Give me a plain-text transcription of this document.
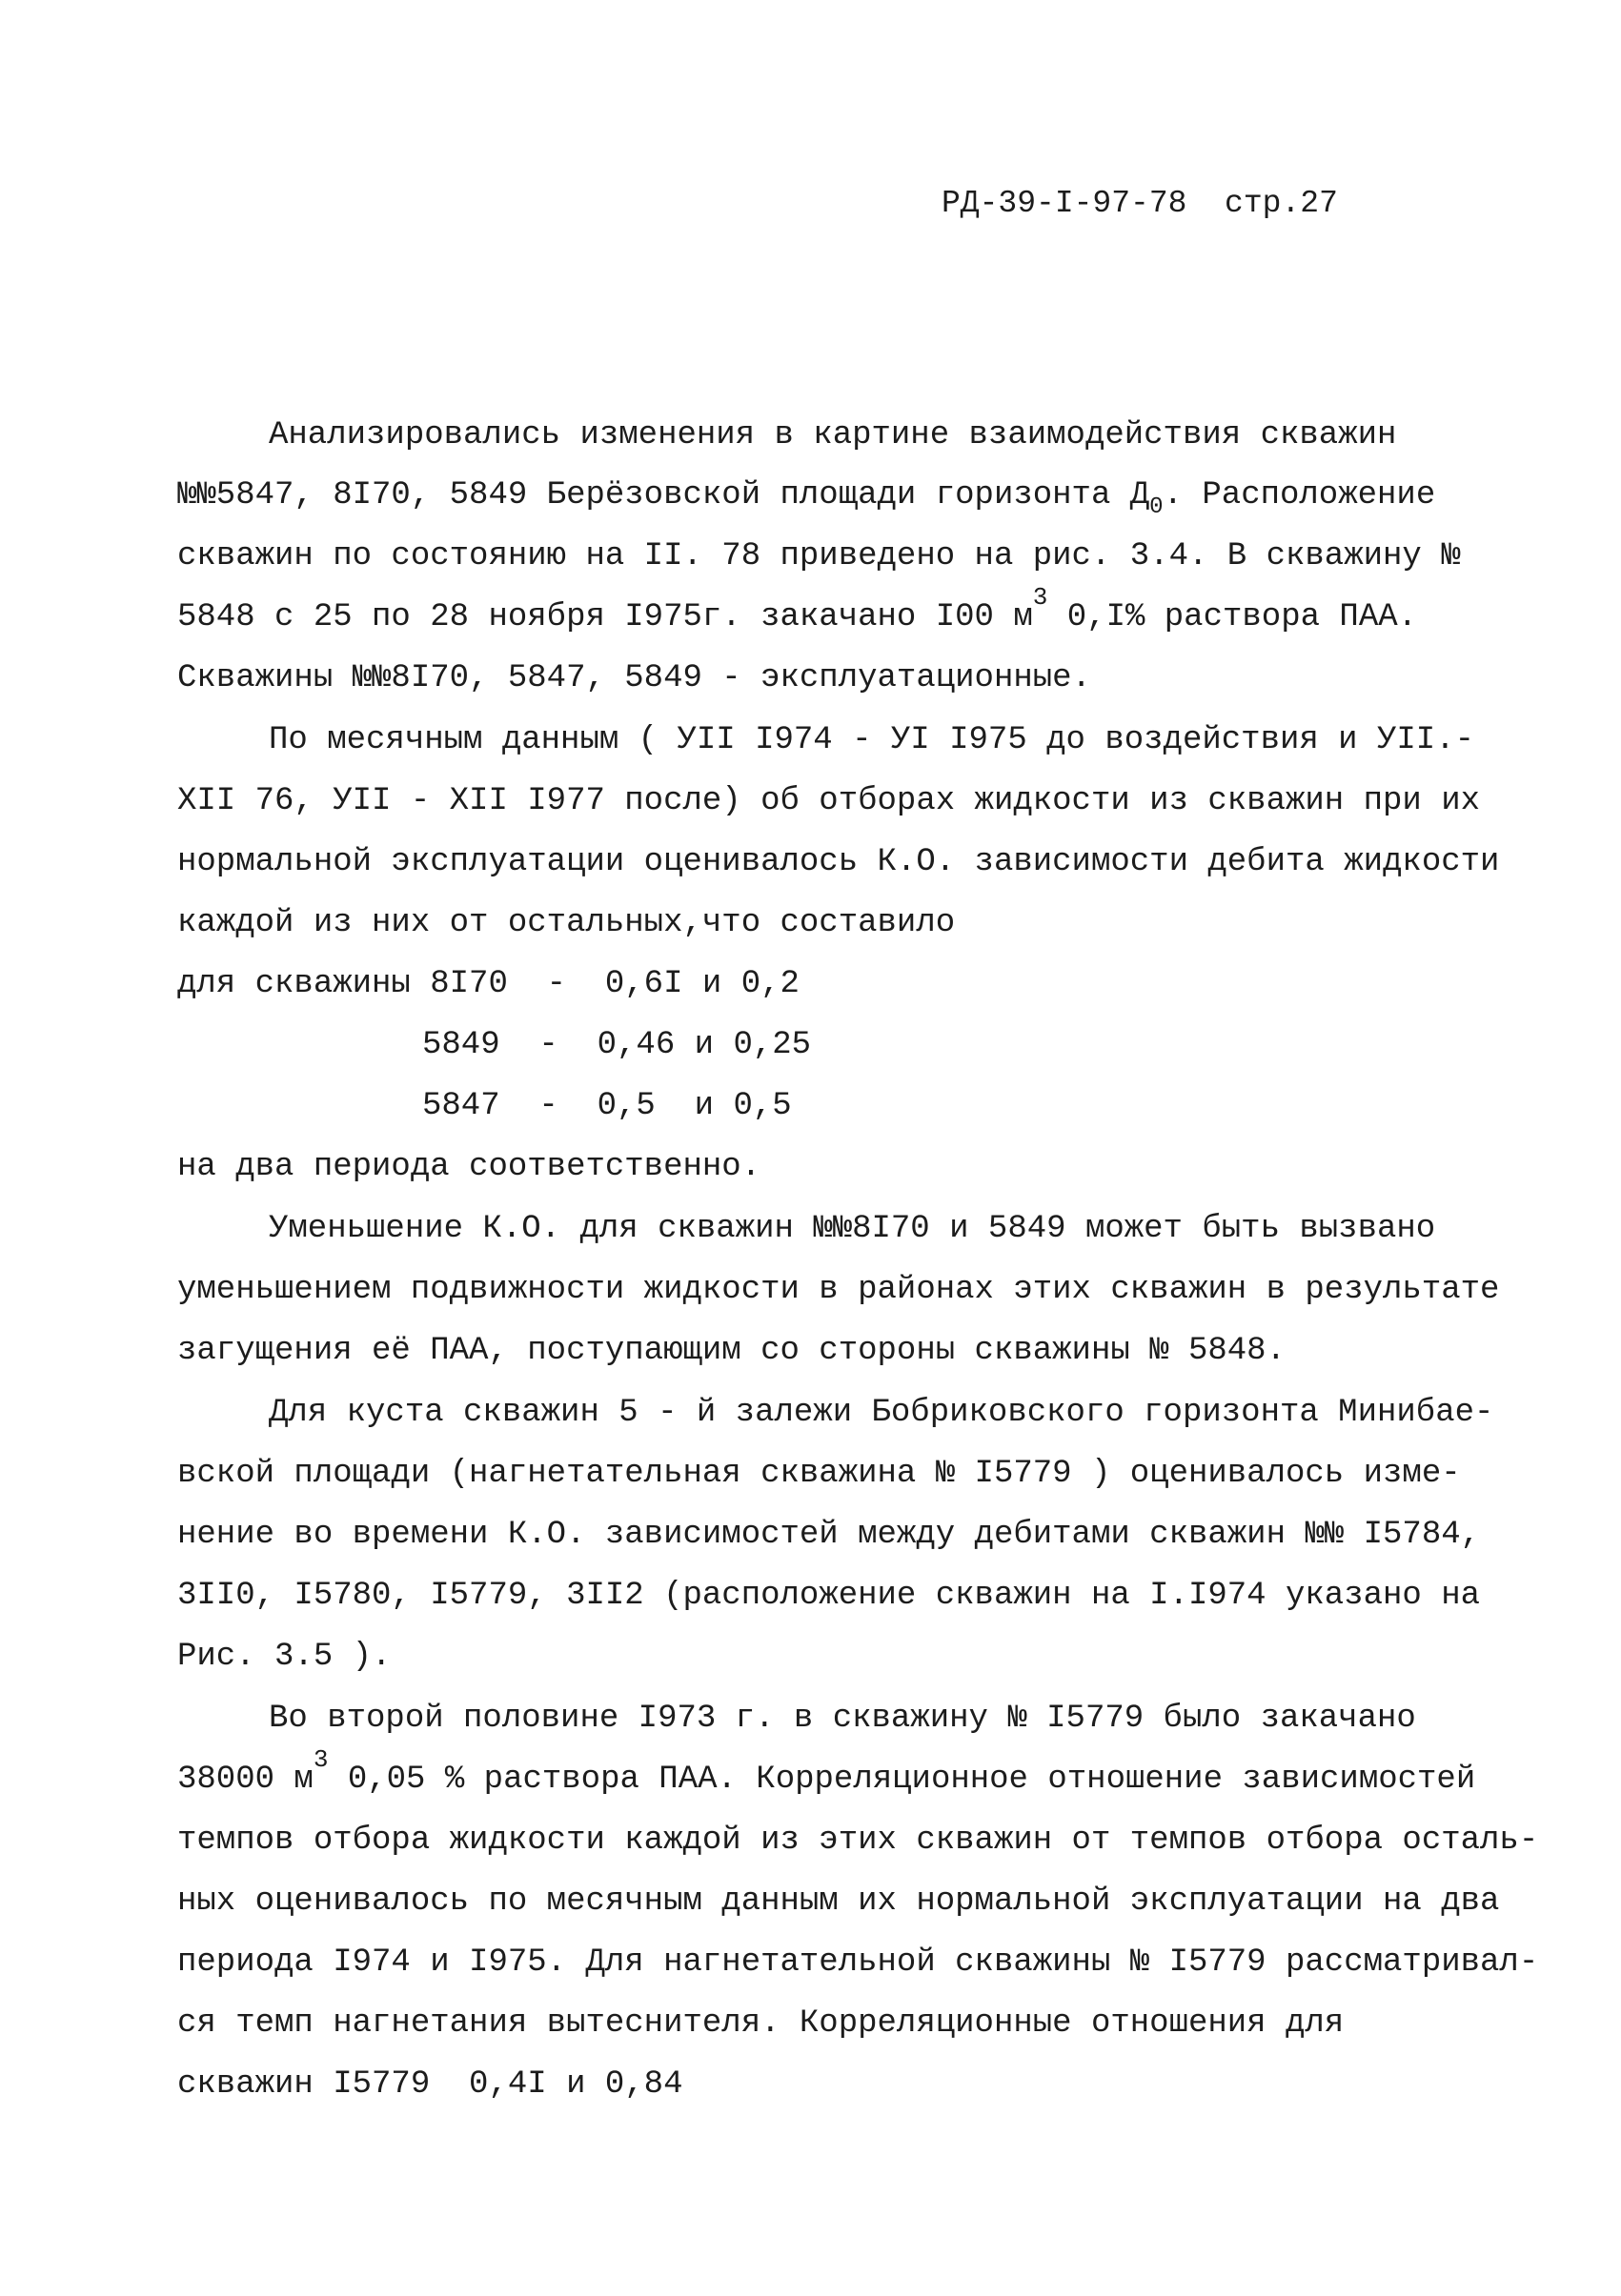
РД-39-I-97-78  стр.27
Анализировались изменения в картине взаимодействия скважин
№№5847, 8I70, 5849 Берёзовской площади горизонта $Д_0$. Расположение
скважин по состоянию на II. 78 приведено на рис. 3.4. В скважину №
5848 с 25 по 28 ноября I975г. закачано I00 $м^3$ 0,I% раствора ПАА.
Скважины №№8I70, 5847, 5849 - эксплуатационные.
По месячным данным ( УII I974 - УI I975 до воздействия и УII.-
XII 76, УII - XII I977 после) об отборах жидкости из скважин при их
нормальной эксплуатации оценивалось К.О. зависимости дебита жидкости
каждой из них от остальных,что составило
для скважины 8I70  -  0,6I и 0,2
5849  -  0,46 и 0,25
5847  -  0,5  и 0,5
на два периода соответственно.
Уменьшение К.О. для скважин №№8I70 и 5849 может быть вызвано
уменьшением подвижности жидкости в районах этих скважин в результате
загущения её ПАА, поступающим со стороны скважины № 5848.
Для куста скважин 5 - й залежи Бобриковского горизонта Минибае-
вской площади (нагнетательная скважина № I5779 ) оценивалось изме-
нение во времени К.О. зависимостей между дебитами скважин №№ I5784,
3II0, I5780, I5779, 3II2 (расположение скважин на I.I974 указано на
Рис. 3.5 ).
Во второй половине I973 г. в скважину № I5779 было закачано
38000 $м^3$ 0,05 % раствора ПАА. Корреляционное отношение зависимостей
темпов отбора жидкости каждой из этих скважин от темпов отбора осталь-
ных оценивалось по месячным данным их нормальной эксплуатации на два
периода I974 и I975. Для нагнетательной скважины № I5779 рассматривал-
ся темп нагнетания вытеснителя. Корреляционные отношения для
скважин I5779  0,4I и 0,84
